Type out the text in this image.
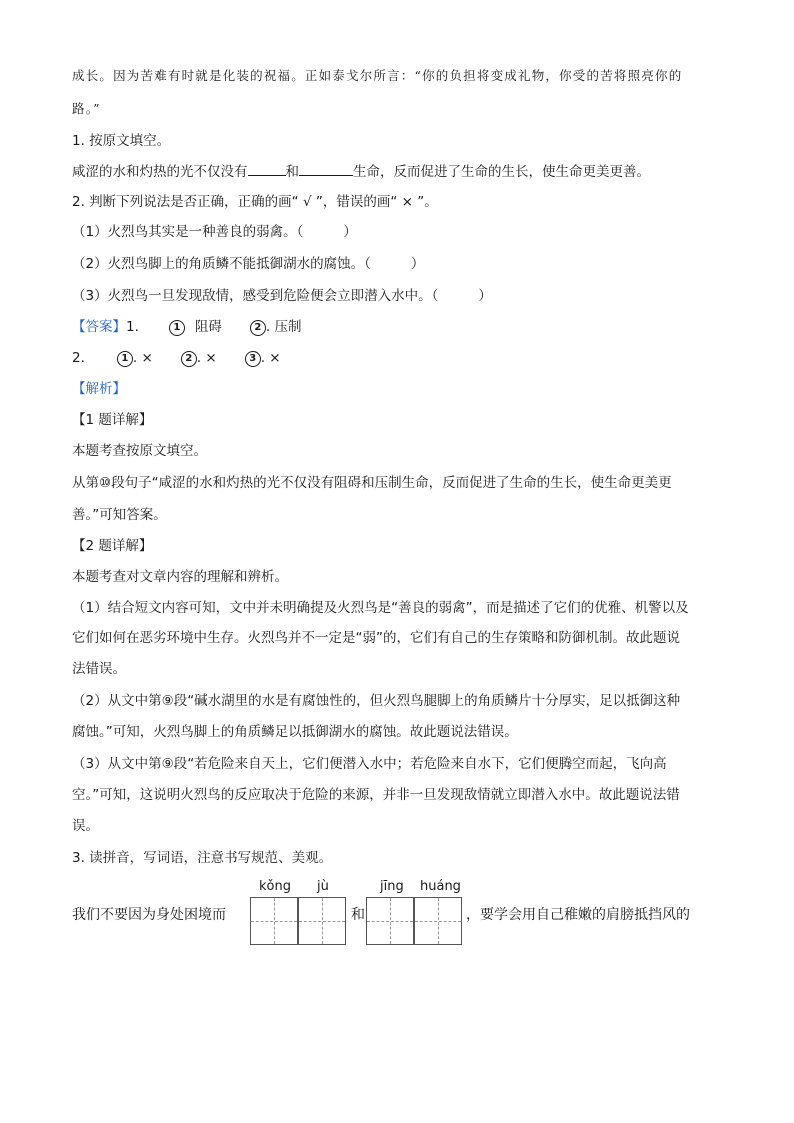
成长。因为苦难有时就是化装的祝福。正如泰戈尔所言：“你的负担将变成礼物，你受的苦将照亮你的
路。”
1. 按原文填空。
咸涩的水和灼热的光不仅没有	和	生命，反而促进了生命的生长，使生命更美更善。
2. 判断下列说法是否正确，正确的画“ √ ”，错误的画“ × ”。
（1）火烈鸟其实是一种善良的弱禽。（	）
（2）火烈鸟脚上的角质鳞不能抵御湖水的腐蚀。（	）
（3）火烈鸟一旦发现敌情，感受到危险便会立即潜入水中。（	）
【答案】1.	1 阻碍	2 . 压制
2.	1 . ×	2 . ×	3 . ×
【解析】
【1 题详解】
本题考查按原文填空。
从第⑩段句子“咸涩的水和灼热的光不仅没有阻碍和压制生命，反而促进了生命的生长，使生命更美更
善。”可知答案。
【2 题详解】
本题考查对文章内容的理解和辨析。
（1）结合短文内容可知，文中并未明确提及火烈鸟是“善良的弱禽”，而是描述了它们的优雅、机警以及
它们如何在恶劣环境中生存。火烈鸟并不一定是“弱”的，它们有自己的生存策略和防御机制。故此题说
法错误。
（2）从文中第⑨段“碱水湖里的水是有腐蚀性的，但火烈鸟腿脚上的角质鳞片十分厚实，足以抵御这种
腐蚀。”可知，火烈鸟脚上的角质鳞足以抵御湖水的腐蚀。故此题说法错误。
（3）从文中第⑨段“若危险来自天上，它们便潜入水中；若危险来自水下，它们便腾空而起，飞向高
空。”可知，这说明火烈鸟的反应取决于危险的来源，并非一旦发现敌情就立即潜入水中。故此题说法错
误。
3. 读拼音，写词语，注意书写规范、美观。
kǒng jù	jīng huáng
我们不要因为身处困境而	和	，要学会用自己稚嫩的肩膀抵挡风的
